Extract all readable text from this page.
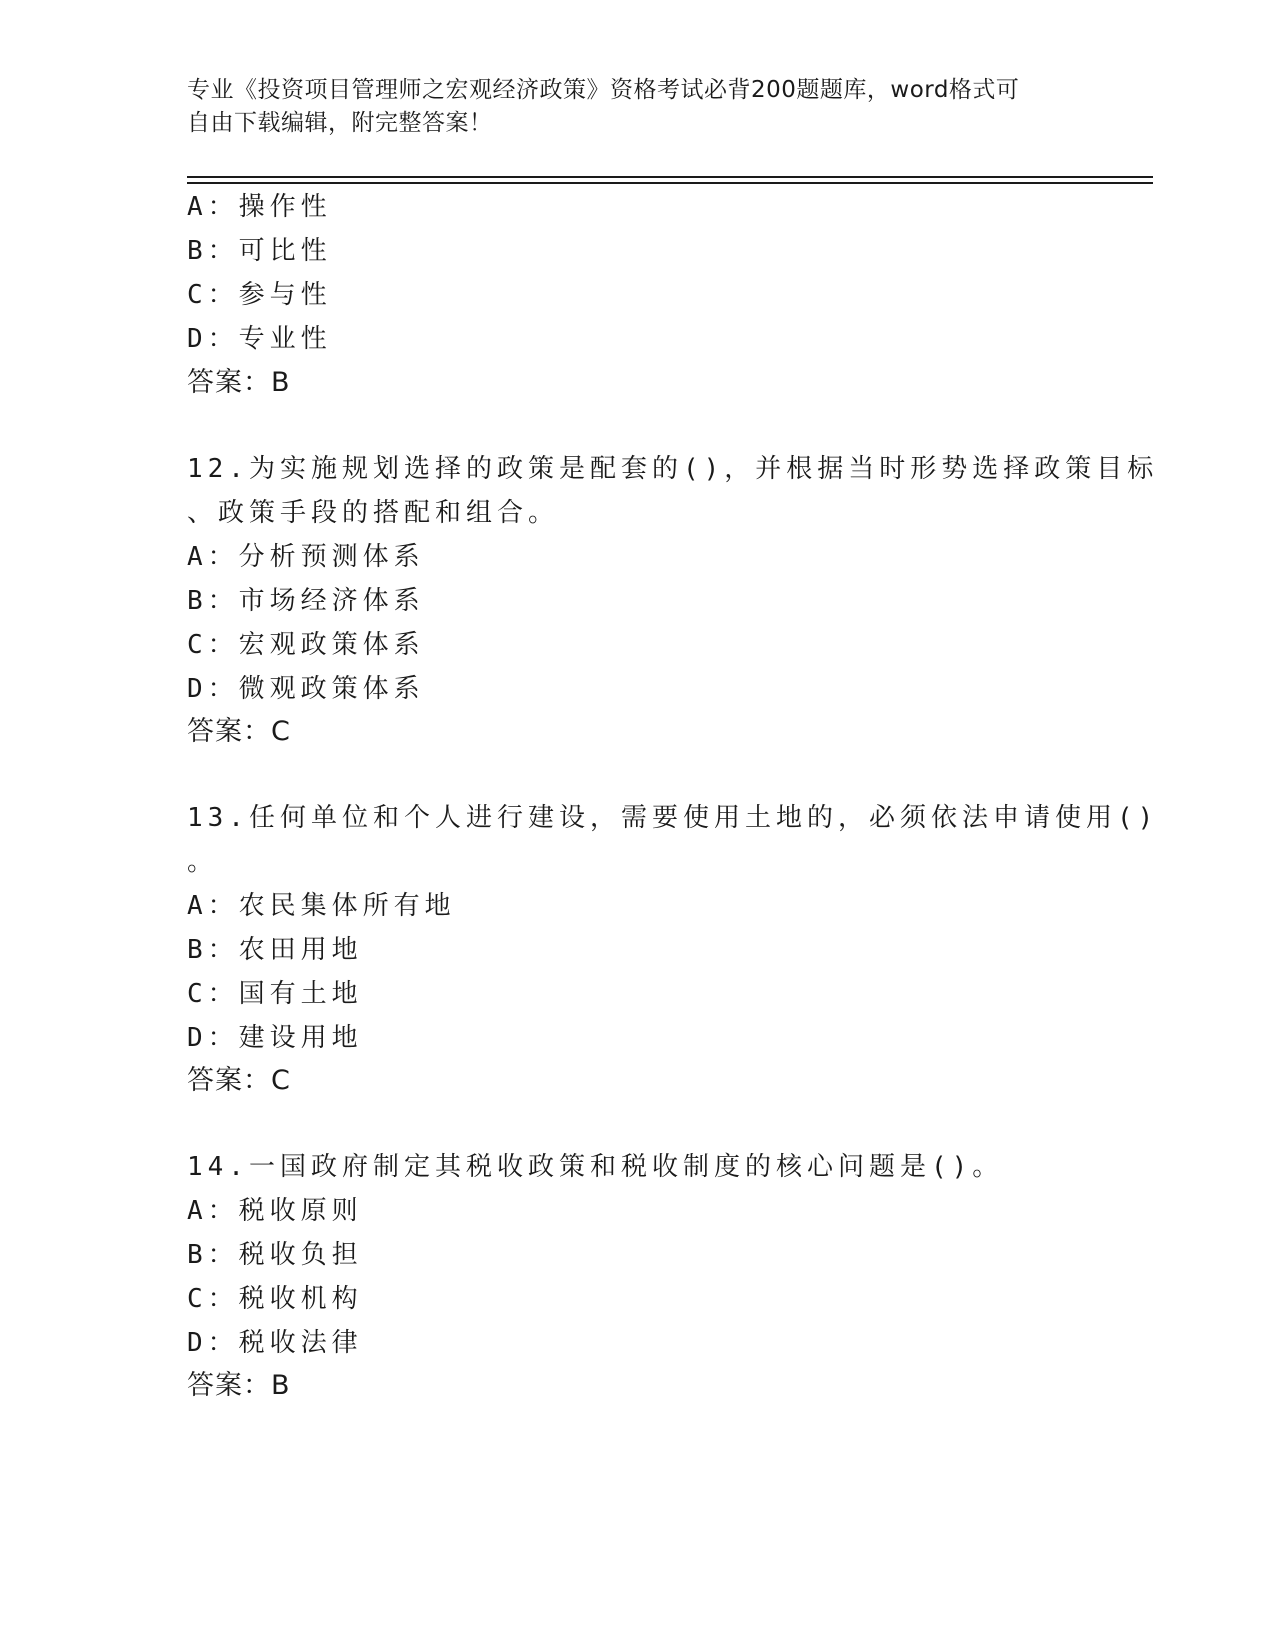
专业《投资项目管理师之宏观经济政策》资格考试必背200题题库，word格式可
自由下载编辑，附完整答案！
A：操作性
B：可比性
C：参与性
D：专业性
答案：B
12.为实施规划选择的政策是配套的()，并根据当时形势选择政策目标
、政策手段的搭配和组合。
A：分析预测体系
B：市场经济体系
C：宏观政策体系
D：微观政策体系
答案：C
13.任何单位和个人进行建设，需要使用土地的，必须依法申请使用()
。
A：农民集体所有地
B：农田用地
C：国有土地
D：建设用地
答案：C
14.一国政府制定其税收政策和税收制度的核心问题是()。
A：税收原则
B：税收负担
C：税收机构
D：税收法律
答案：B
